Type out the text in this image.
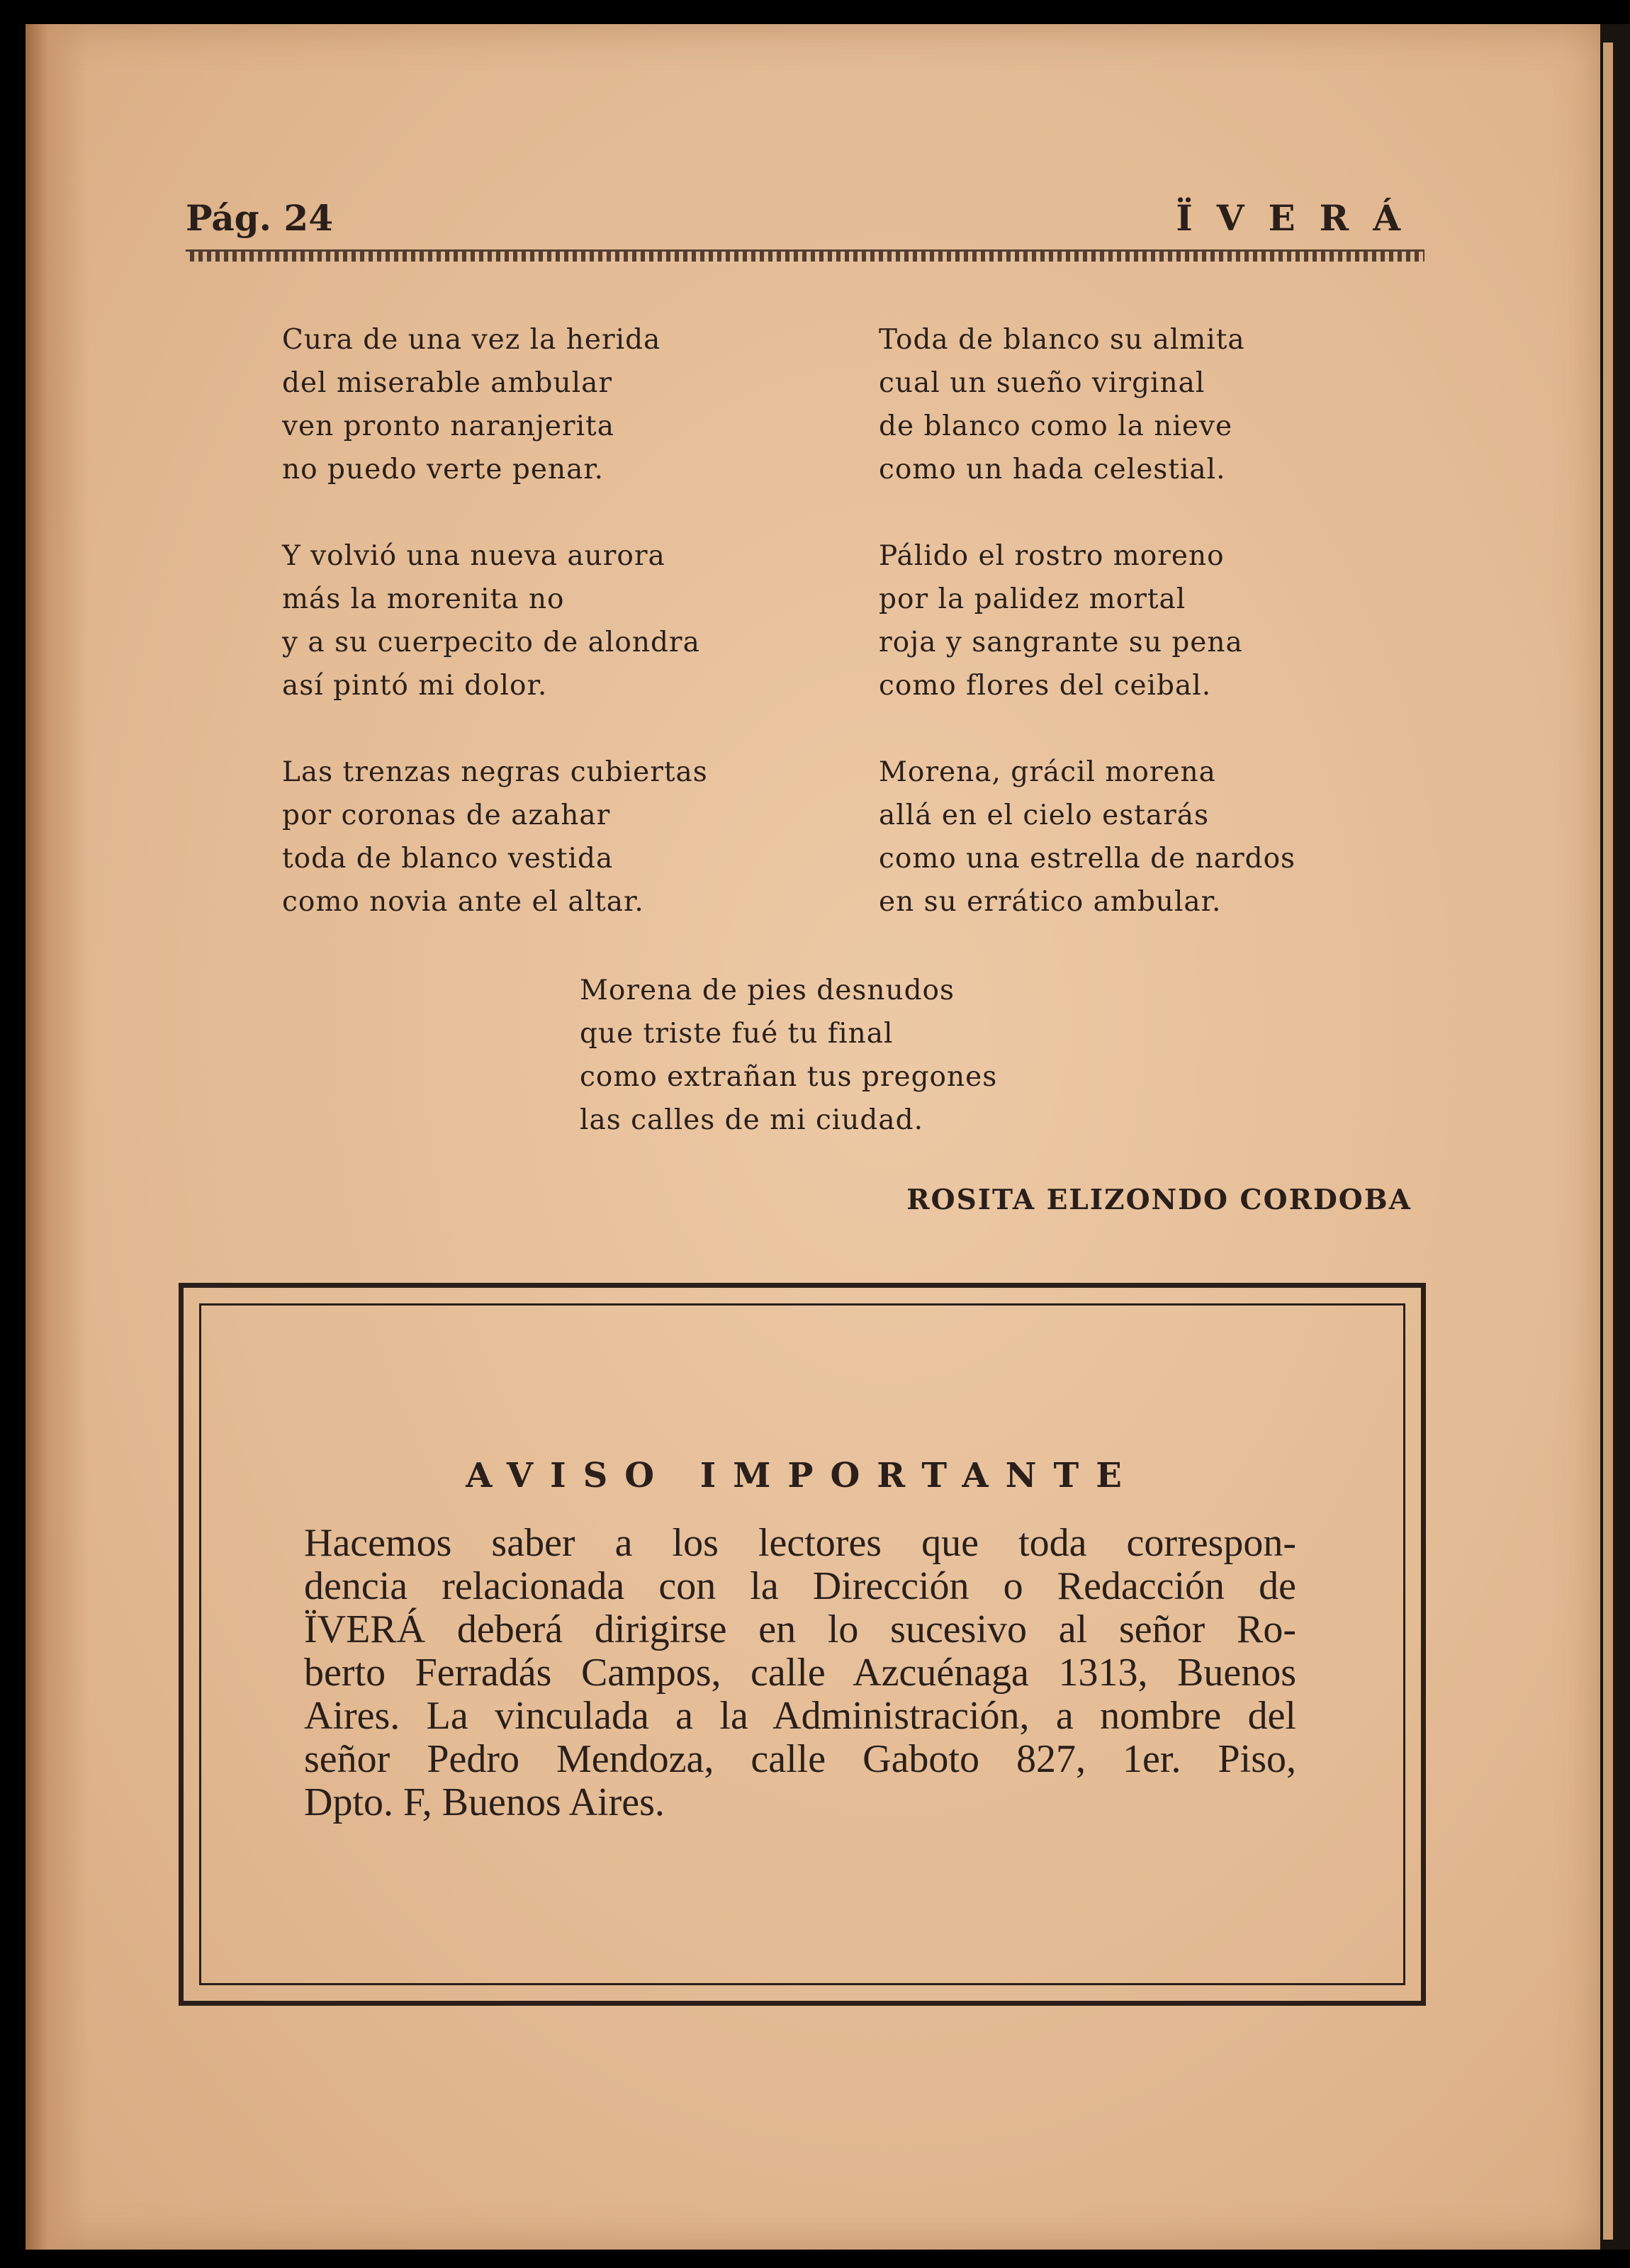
Pág. 24	ÏVERÁ
Cura de una vez la herida
del miserable ambular
ven pronto naranjerita
no puedo verte penar.
Y volvió una nueva aurora
más la morenita no
y a su cuerpecito de alondra
así pintó mi dolor.
Las trenzas negras cubiertas
por coronas de azahar
toda de blanco vestida
como novia ante el altar.
Toda de blanco su almita
cual un sueño virginal
de blanco como la nieve
como un hada celestial.
Pálido el rostro moreno
por la palidez mortal
roja y sangrante su pena
como flores del ceibal.
Morena, grácil morena
allá en el cielo estarás
como una estrella de nardos
en su errático ambular.
Morena de pies desnudos
que triste fué tu final
como extrañan tus pregones
las calles de mi ciudad.
ROSITA ELIZONDO CORDOBA
AVISO IMPORTANTE
Hacemos saber a los lectores que toda correspon-
dencia relacionada con la Dirección o Redacción de
ÏVERÁ deberá dirigirse en lo sucesivo al señor Ro-
berto Ferradás Campos, calle Azcuénaga 1313, Buenos
Aires. La vinculada a la Administración, a nombre del
señor Pedro Mendoza, calle Gaboto 827, 1er. Piso,
Dpto. F, Buenos Aires.
